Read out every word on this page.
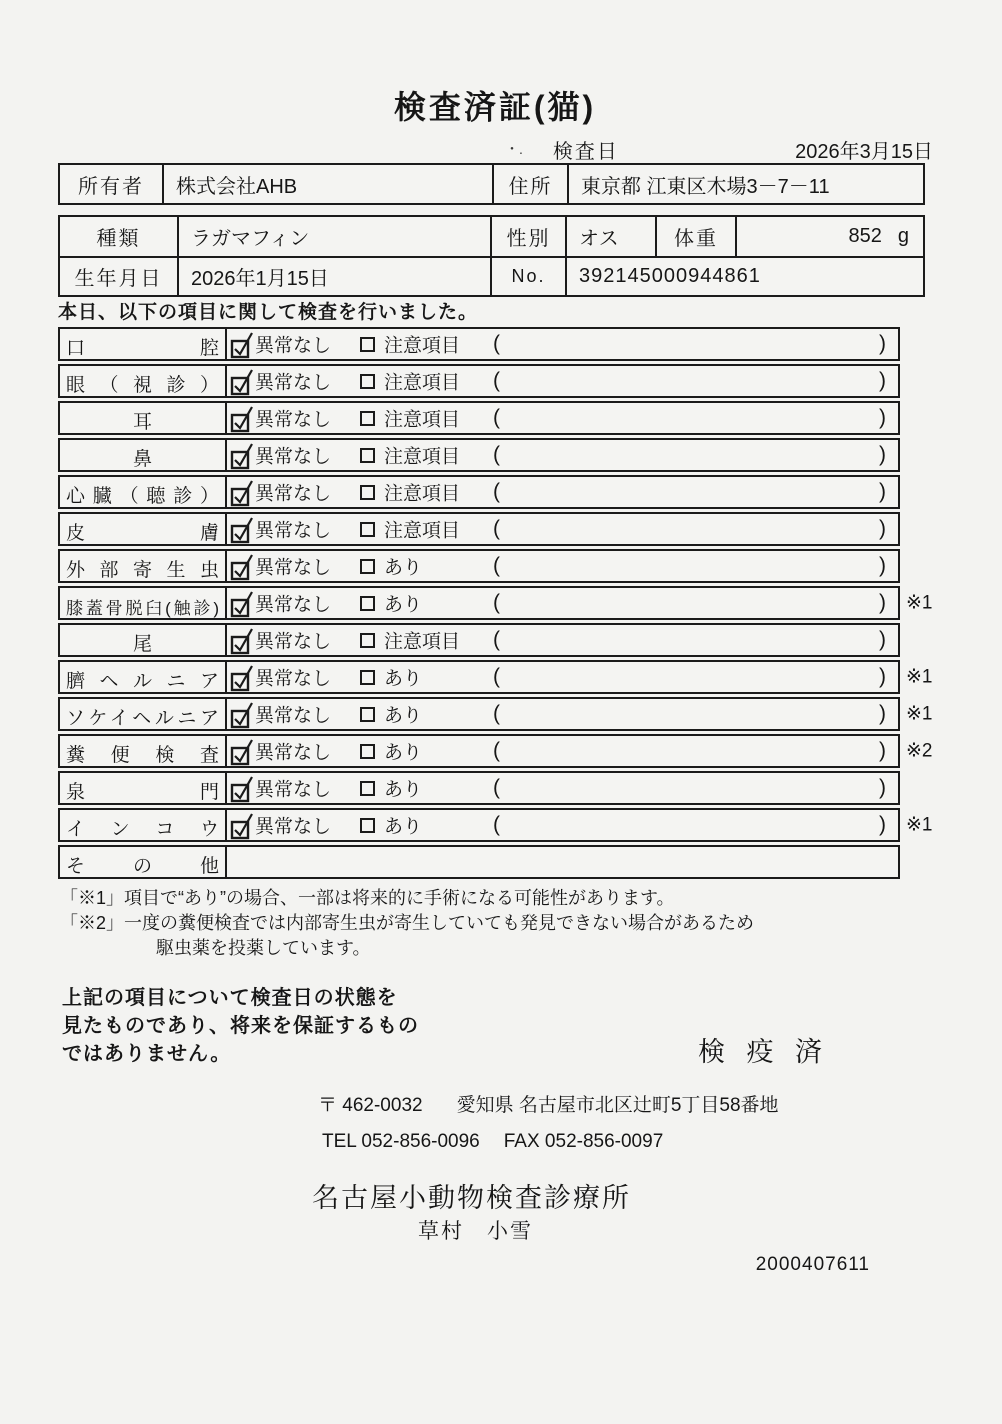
検査済証(猫)
・. 検査日	2026年3月15日
所有者	株式会社AHB	住所	東京都 江東区木場3－7－11
種類	ラガマフィン	性別	オス	体重	852 g
生年月日	2026年1月15日	No.	392145000944861
本日、以下の項目に関して検査を行いました。
口腔	異常なし	注意項目 (	)
眼（視診）	異常なし	注意項目 (	)
耳	異常なし	注意項目 (	)
鼻	異常なし	注意項目 (	)
心臓（聴診）	異常なし	注意項目 (	)
皮膚	異常なし	注意項目 (	)
外部寄生虫	異常なし	あり	(	)
膝蓋骨脱臼(触診)	異常なし	あり	(	) ※1
尾	異常なし	注意項目 (	)
臍ヘルニア	異常なし	あり	(	) ※1
ソケイヘルニア	異常なし	あり	(	) ※1
糞便検査	異常なし	あり	(	) ※2
泉門	異常なし	あり	(	)
インコウ	異常なし	あり	(	) ※1
その他
「※1」項目で“あり”の場合、一部は将来的に手術になる可能性があります。
「※2」一度の糞便検査では内部寄生虫が寄生していても発見できない場合があるため
駆虫薬を投薬しています。
上記の項目について検査日の状態を
見たものであり、将来を保証するもの
ではありません。	検 疫 済
〒 462-0032 愛知県 名古屋市北区辻町5丁目58番地
TEL 052-856-0096 FAX 052-856-0097
名古屋小動物検査診療所
草村　小雪
2000407611
